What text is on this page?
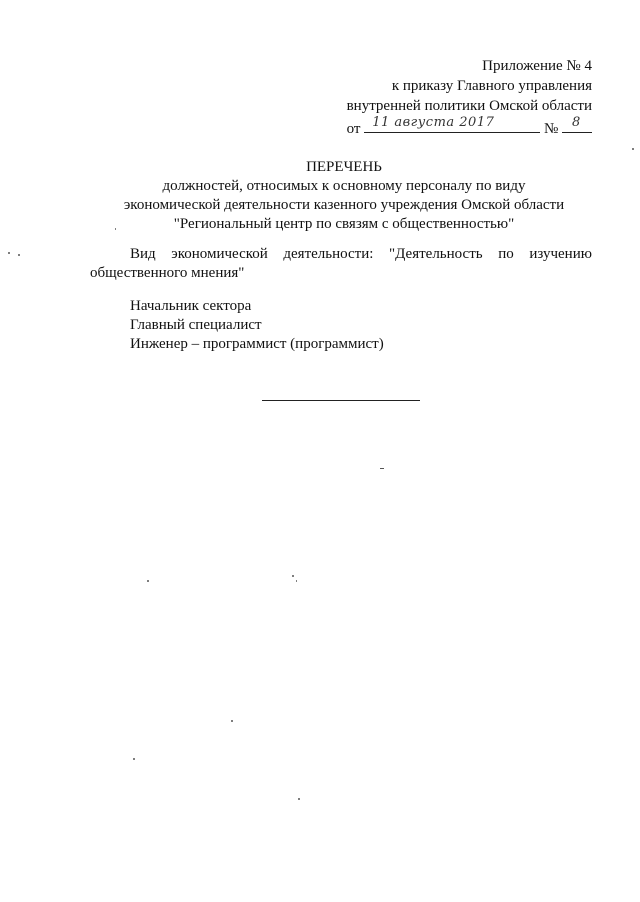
Приложение № 4
к приказу Главного управления
внутренней политики Омской области
от 11 августа 2017	№ 8
ПЕРЕЧЕНЬ
должностей, относимых к основному персоналу по виду
экономической деятельности казенного учреждения Омской области
"Региональный центр по связям с общественностью"
Вид экономической деятельности: "Деятельность по изучению
общественного мнения"
Начальник сектора
Главный специалист
Инженер – программист (программист)
